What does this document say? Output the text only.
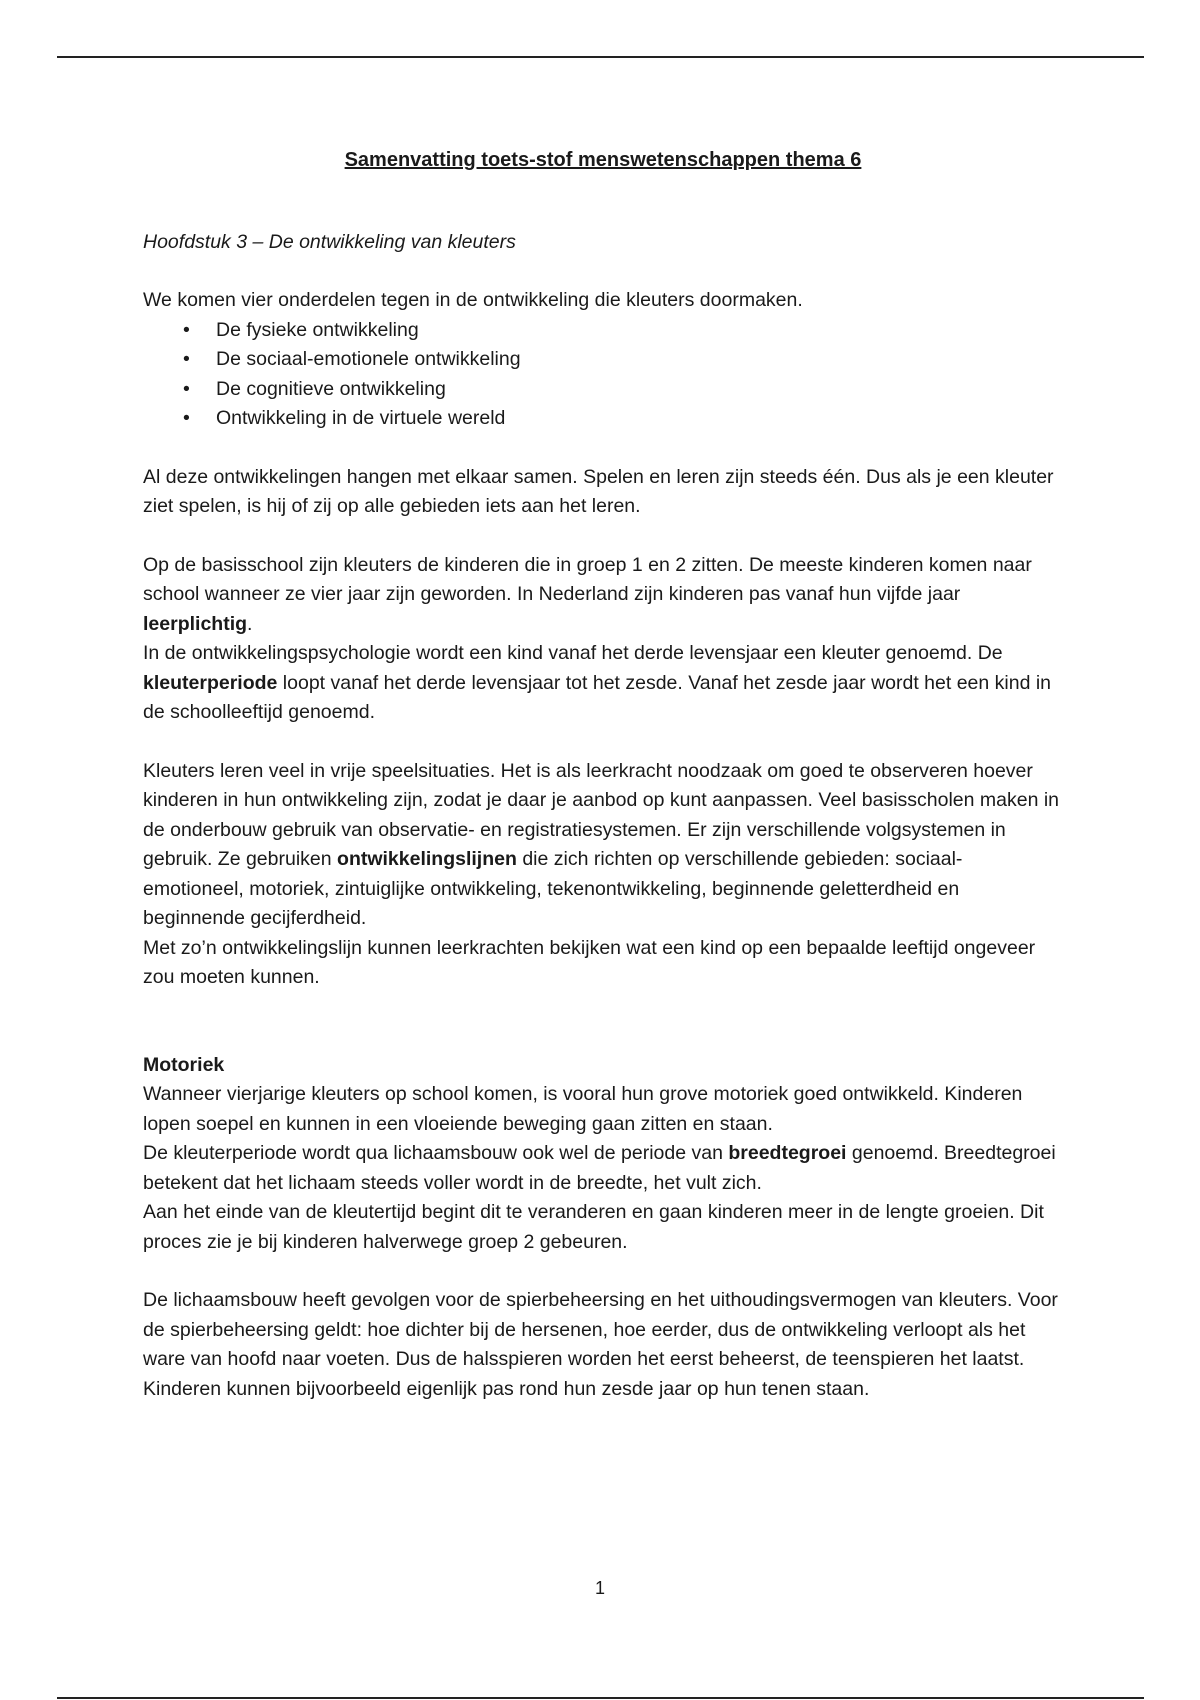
Samenvatting toets-stof menswetenschappen thema 6

Hoofdstuk 3 – De ontwikkeling van kleuters

We komen vier onderdelen tegen in de ontwikkeling die kleuters doormaken.

• De fysieke ontwikkeling
• De sociaal-emotionele ontwikkeling
• De cognitieve ontwikkeling
• Ontwikkeling in de virtuele wereld

Al deze ontwikkelingen hangen met elkaar samen. Spelen en leren zijn steeds één. Dus als je een kleuter ziet spelen, is hij of zij op alle gebieden iets aan het leren.

Op de basisschool zijn kleuters de kinderen die in groep 1 en 2 zitten. De meeste kinderen komen naar school wanneer ze vier jaar zijn geworden. In Nederland zijn kinderen pas vanaf hun vijfde jaar leerplichtig.

In de ontwikkelingspsychologie wordt een kind vanaf het derde levensjaar een kleuter genoemd. De kleuterperiode loopt vanaf het derde levensjaar tot het zesde. Vanaf het zesde jaar wordt het een kind in de schoolleeftijd genoemd.

Kleuters leren veel in vrije speelsituaties. Het is als leerkracht noodzaak om goed te observeren hoever kinderen in hun ontwikkeling zijn, zodat je daar je aanbod op kunt aanpassen. Veel basisscholen maken in de onderbouw gebruik van observatie- en registratiesystemen. Er zijn verschillende volgsystemen in gebruik. Ze gebruiken ontwikkelingslijnen die zich richten op verschillende gebieden: sociaal-emotioneel, motoriek, zintuiglijke ontwikkeling, tekenontwikkeling, beginnende geletterdheid en beginnende gecijferdheid.

Met zo’n ontwikkelingslijn kunnen leerkrachten bekijken wat een kind op een bepaalde leeftijd ongeveer zou moeten kunnen.

Motoriek

Wanneer vierjarige kleuters op school komen, is vooral hun grove motoriek goed ontwikkeld. Kinderen lopen soepel en kunnen in een vloeiende beweging gaan zitten en staan.

De kleuterperiode wordt qua lichaamsbouw ook wel de periode van breedtegroei genoemd. Breedtegroei betekent dat het lichaam steeds voller wordt in de breedte, het vult zich.

Aan het einde van de kleutertijd begint dit te veranderen en gaan kinderen meer in de lengte groeien. Dit proces zie je bij kinderen halverwege groep 2 gebeuren.

De lichaamsbouw heeft gevolgen voor de spierbeheersing en het uithoudingsvermogen van kleuters. Voor de spierbeheersing geldt: hoe dichter bij de hersenen, hoe eerder, dus de ontwikkeling verloopt als het ware van hoofd naar voeten. Dus de halsspieren worden het eerst beheerst, de teenspieren het laatst. Kinderen kunnen bijvoorbeeld eigenlijk pas rond hun zesde jaar op hun tenen staan.

1
